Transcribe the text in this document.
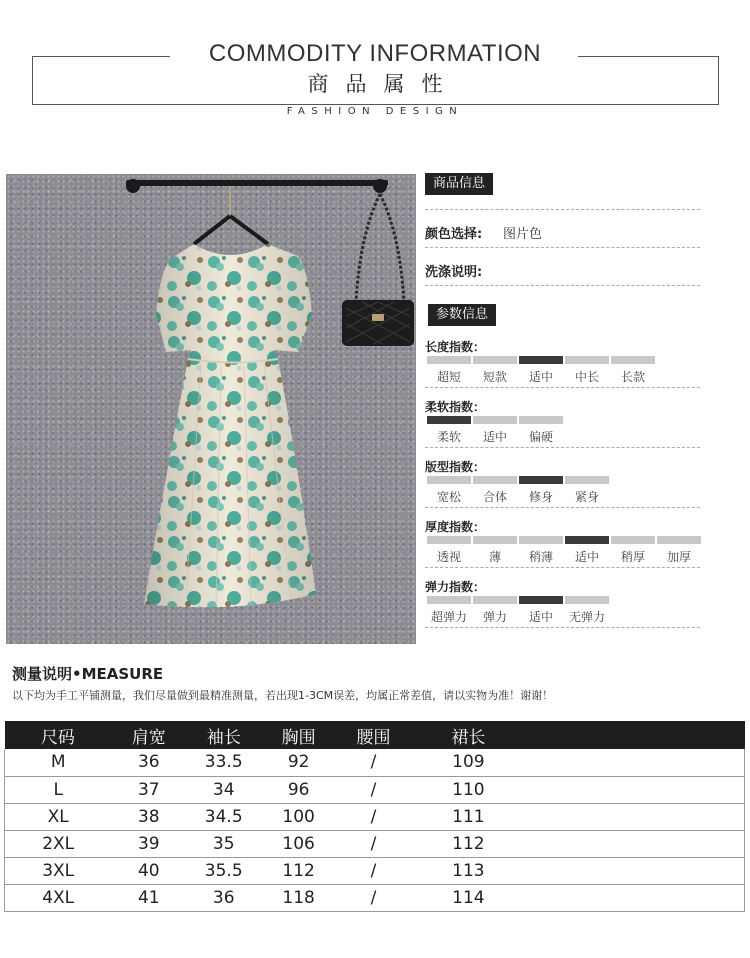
COMMODITY INFORMATION
商品属性
FASHION DESIGN
商品信息
颜色选择: 图片色
洗涤说明:
参数信息
长度指数：
超短	短款	适中	中长	长款
柔软指数：
柔软	适中	偏硬
版型指数：
宽松	合体	修身	紧身
厚度指数：
透视	薄	稍薄	适中	稍厚	加厚
弹力指数：
超弹力	弹力	适中	无弹力
测量说明•MEASURE
以下均为手工平铺测量，我们尽量做到最精准测量，若出现1-3CM误差，均属正常差值，请以实物为准！谢谢！
尺码	肩宽	袖长	胸围	腰围	裙长	
M	36	33.5	92	/	109	
L	37	34	96	/	110	
XL	38	34.5	100	/	111	
2XL	39	35	106	/	112	
3XL	40	35.5	112	/	113	
4XL	41	36	118	/	114	
